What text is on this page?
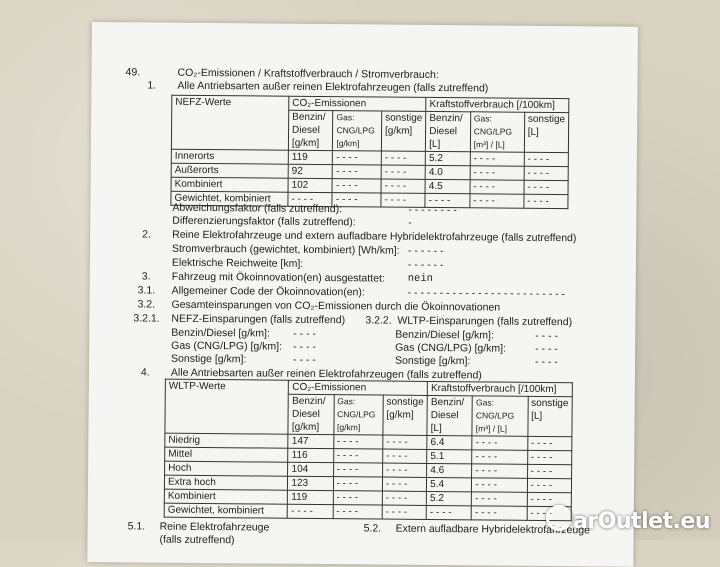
49.	CO₂-Emissionen / Kraftstoffverbrauch / Stromverbrauch:
1. Alle Antriebsarten außer reinen Elektrofahrzeugen (falls zutreffend)
NEFZ-Werte	CO₂-Emissionen			Kraftstoffverbrauch [/100km]		
	Benzin/ Diesel [g/km]	Gas: CNG/LPG [g/km]	sonstige [g/km]	Benzin/ Diesel [L]	Gas: CNG/LPG [m³] / [L]	sonstige [L]
Innerorts	119	- - - -	- - - -	5.2	- - - -	- - - -
Außerorts	92	- - - -	- - - -	4.0	- - - -	- - - -
Kombiniert	102	- - - -	- - - -	4.5	- - - -	- - - -
Gewichtet, kombiniert	- - - -	- - - -	- - - -	- - - -	- - - -	- - - -
Abweichungsfaktor (falls zutreffend):	- - - - - - - -
Differenzierungsfaktor (falls zutreffend):	-
2. Reine Elektrofahrzeuge und extern aufladbare Hybridelektrofahrzeuge (falls zutreffend)
Stromverbrauch (gewichtet, kombiniert) [Wh/km]: - - - - - -
Elektrische Reichweite [km]:	- - - - - -
3. Fahrzeug mit Ökoinnovation(en) ausgestattet: nein
3.1. Allgemeiner Code der Ökoinnovation(en):	- - - - - - - - - - - - - - - - - - - - - - - - -
3.2. Gesamteinsparungen von CO₂-Emissionen durch die Ökoinnovationen
3.2.1. NEFZ-Einsparungen (falls zutreffend) 3.2.2. WLTP-Einsparungen (falls zutreffend)
Benzin/Diesel [g/km]: - - - -
Gas (CNG/LPG) [g/km]: - - - -
Sonstige [g/km]:	- - - -
Benzin/Diesel [g/km]:	- - - -
Gas (CNG/LPG) [g/km]:	- - - -
Sonstige [g/km]:	- - - -
4. Alle Antriebsarten außer reinen Elektrofahrzeugen (falls zutreffend)
WLTP-Werte	CO₂-Emissionen			Kraftstoffverbrauch [/100km]		
	Benzin/ Diesel [g/km]	Gas: CNG/LPG [g/km]	sonstige [g/km]	Benzin/ Diesel [L]	Gas: CNG/LPG [m³] / [L]	sonstige [L]
Niedrig	147	- - - -	- - - -	6.4	- - - -	- - - -
Mittel	116	- - - -	- - - -	5.1	- - - -	- - - -
Hoch	104	- - - -	- - - -	4.6	- - - -	- - - -
Extra hoch	123	- - - -	- - - -	5.4	- - - -	- - - -
Kombiniert	119	- - - -	- - - -	5.2	- - - -	- - - -
Gewichtet, kombiniert	- - - -	- - - -	- - - -	- - - -	- - - -	- - - -
5.1. Reine Elektrofahrzeuge
(falls zutreffend)
5.2. Extern aufladbare Hybridelektrofahrzeuge
arOutlet.eu
